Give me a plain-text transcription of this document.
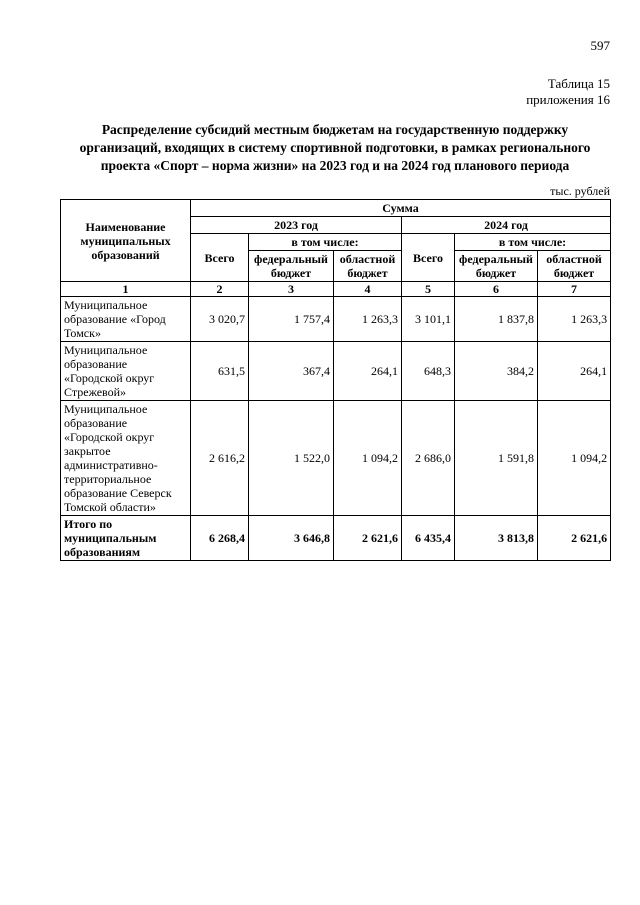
597
Таблица 15
приложения 16
Распределение субсидий местным бюджетам на государственную поддержку
организаций, входящих в систему спортивной подготовки, в рамках регионального
проекта «Спорт – норма жизни» на 2023 год и на 2024 год планового периода
тыс. рублей
Наименование муниципальных образований	Сумма					
	2023 год			2024 год		
	Всего	в том числе:		Всего	в том числе:	
		федеральный бюджет	областной бюджет		федеральный бюджет	областной бюджет
1	2	3	4	5	6	7
Муниципальное образование «Город Томск»	3 020,7	1 757,4	1 263,3	3 101,1	1 837,8	1 263,3
Муниципальное образование «Городской округ Стрежевой»	631,5	367,4	264,1	648,3	384,2	264,1
Муниципальное образование «Городской округ закрытое административно-территориальное образование Северск Томской области»	2 616,2	1 522,0	1 094,2	2 686,0	1 591,8	1 094,2
Итого по муниципальным образованиям	6 268,4	3 646,8	2 621,6	6 435,4	3 813,8	2 621,6
